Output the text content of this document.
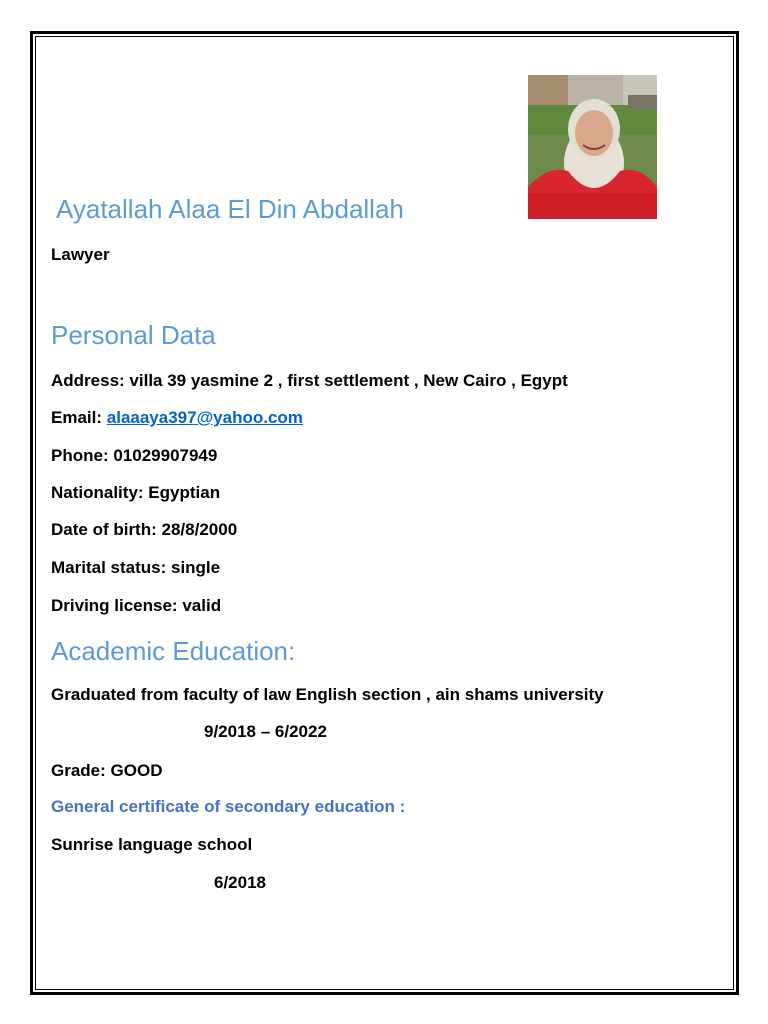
Ayatallah Alaa El Din Abdallah
Lawyer
Personal Data
Address: villa 39 yasmine 2 , first settlement , New Cairo , Egypt
Email: alaaaya397@yahoo.com
Phone: 01029907949
Nationality: Egyptian
Date of birth: 28/8/2000
Marital status: single
Driving license: valid
Academic Education:
Graduated from faculty of law English section , ain shams university
9/2018 – 6/2022
Grade: GOOD
General certificate of secondary education :
Sunrise language school
6/2018
